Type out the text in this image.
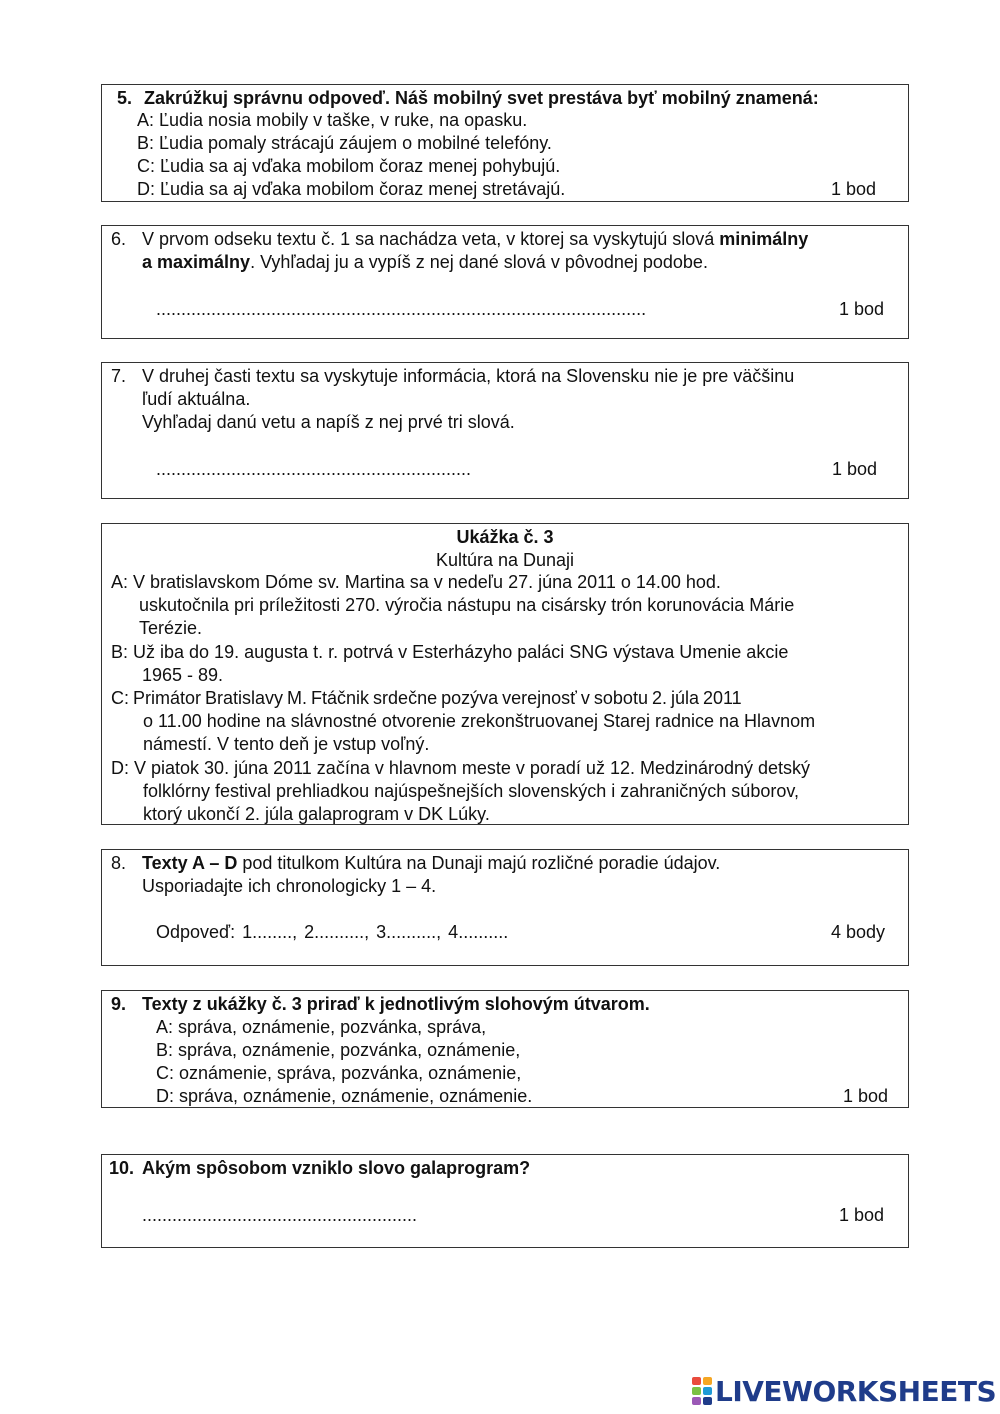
5. Zakrúžkuj správnu odpoveď. Náš mobilný svet prestáva byť mobilný znamená:
A: Ľudia nosia mobily v taške, v ruke, na opasku.
B: Ľudia pomaly strácajú záujem o mobilné telefóny.
C: Ľudia sa aj vďaka mobilom čoraz menej pohybujú.
D: Ľudia sa aj vďaka mobilom čoraz menej stretávajú.	1 bod
6. V prvom odseku textu č. 1 sa nachádza veta, v ktorej sa vyskytujú slová minimálny
a maximálny. Vyhľadaj ju a vypíš z nej dané slová v pôvodnej podobe.
..................................................................................................	1 bod
7. V druhej časti textu sa vyskytuje informácia, ktorá na Slovensku nie je pre väčšinu
ľudí aktuálna.
Vyhľadaj danú vetu a napíš z nej prvé tri slová.
...............................................................	1 bod
Ukážka č. 3
Kultúra na Dunaji
A: V bratislavskom Dóme sv. Martina sa v nedeľu 27. júna 2011 o 14.00 hod.
uskutočnila pri príležitosti 270. výročia nástupu na cisársky trón korunovácia Márie
Terézie.
B: Už iba do 19. augusta t. r. potrvá v Esterházyho paláci SNG výstava Umenie akcie
1965 - 89.
C: Primátor Bratislavy M. Ftáčnik srdečne pozýva verejnosť v sobotu 2. júla 2011
o 11.00 hodine na slávnostné otvorenie zrekonštruovanej Starej radnice na Hlavnom
námestí. V tento deň je vstup voľný.
D: V piatok 30. júna 2011 začína v hlavnom meste v poradí už 12. Medzinárodný detský
folklórny festival prehliadkou najúspešnejších slovenských i zahraničných súborov,
ktorý ukončí 2. júla galaprogram v DK Lúky.
8. Texty A – D pod titulkom Kultúra na Dunaji majú rozličné poradie údajov.
Usporiadajte ich chronologicky 1 – 4.
Odpoveď: 1........, 2.........., 3.........., 4..........	4 body
9. Texty z ukážky č. 3 priraď k jednotlivým slohovým útvarom.
A: správa, oznámenie, pozvánka, správa,
B: správa, oznámenie, pozvánka, oznámenie,
C: oznámenie, správa, pozvánka, oznámenie,
D: správa, oznámenie, oznámenie, oznámenie.	1 bod
10. Akým spôsobom vzniklo slovo galaprogram?
.......................................................	1 bod
LIVEWORKSHEETS
